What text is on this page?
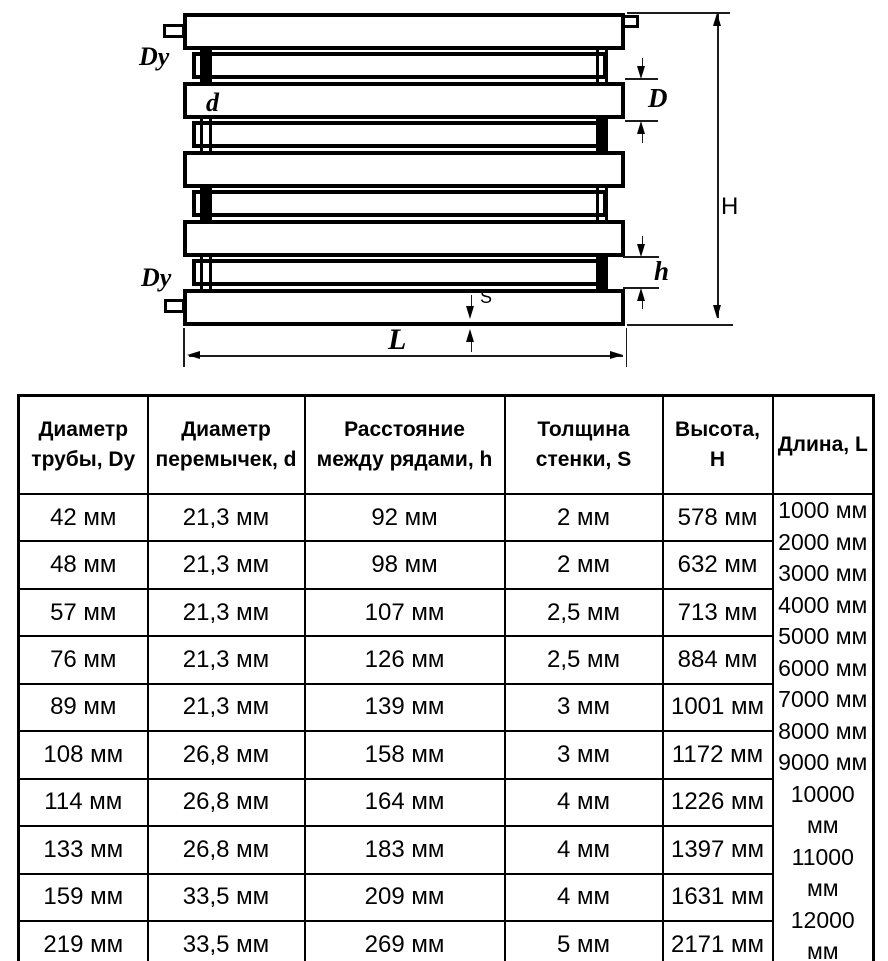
H
D
h
S
L
Dy
Dy
d
Диаметр трубы, Dy	Диаметр перемычек, d	Расстояние между рядами, h	Толщина стенки, S	Высота, H	Длина, L
42 мм	21,3 мм	92 мм	2 мм	578 мм	1000 мм
2000 мм
3000 мм
4000 мм
5000 мм
6000 мм
7000 мм
8000 мм
9000 мм
10000 мм
11000 мм
12000 мм

48 мм	21,3 мм	98 мм	2 мм	632 мм	
57 мм	21,3 мм	107 мм	2,5 мм	713 мм	
76 мм	21,3 мм	126 мм	2,5 мм	884 мм	
89 мм	21,3 мм	139 мм	3 мм	1001 мм	
108 мм	26,8 мм	158 мм	3 мм	1172 мм	
114 мм	26,8 мм	164 мм	4 мм	1226 мм	
133 мм	26,8 мм	183 мм	4 мм	1397 мм	
159 мм	33,5 мм	209 мм	4 мм	1631 мм	
219 мм	33,5 мм	269 мм	5 мм	2171 мм	
